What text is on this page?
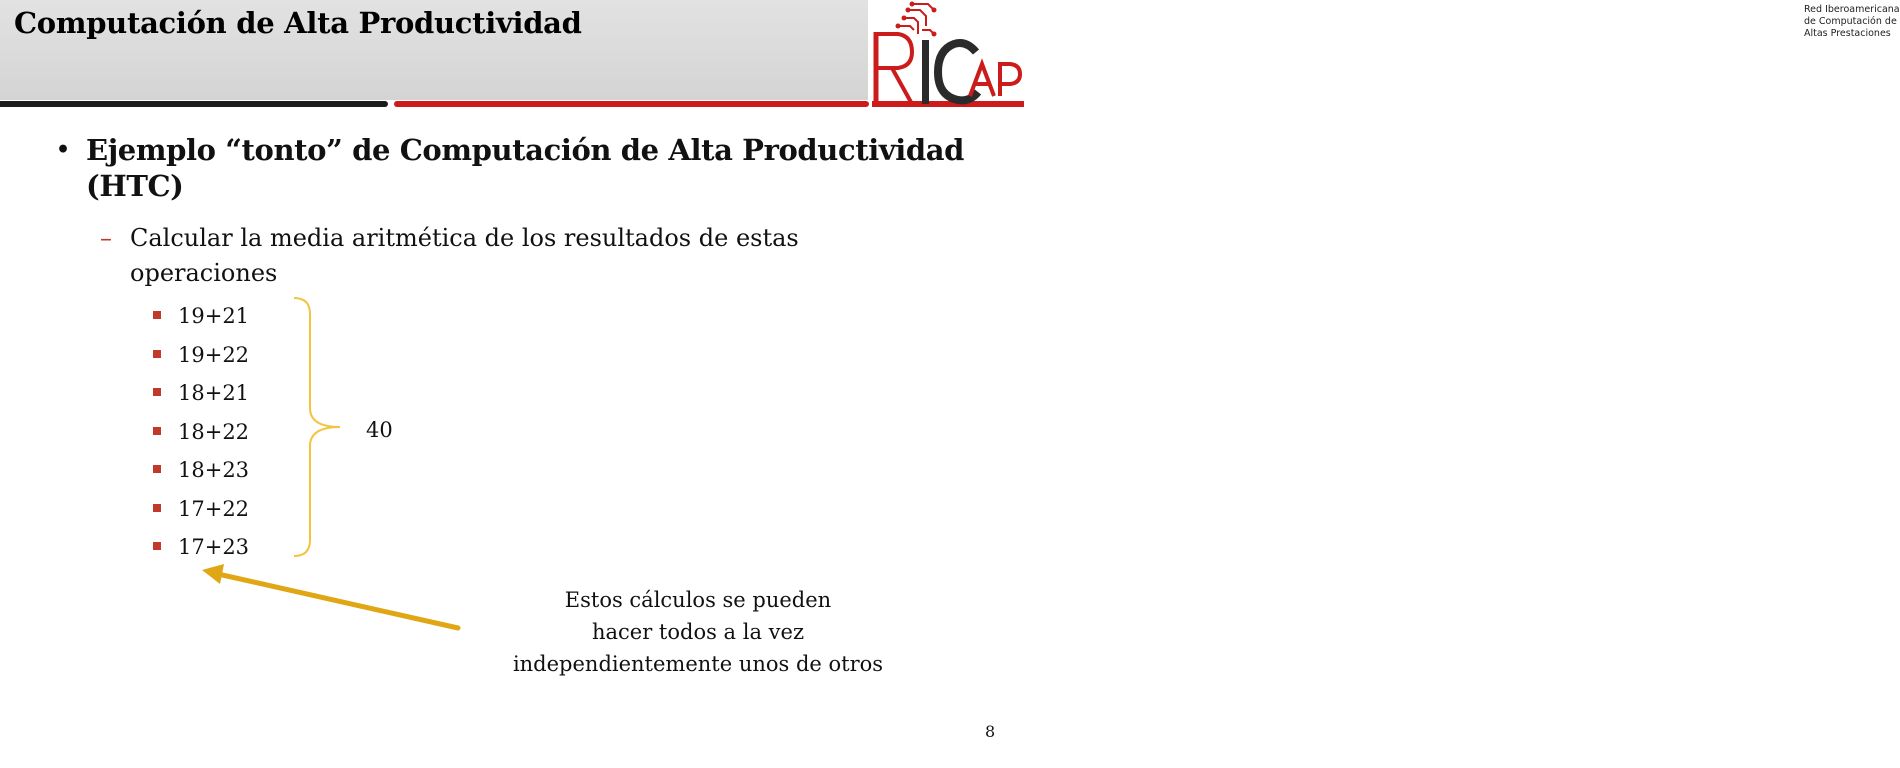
Computación de Alta Productividad	Red Iberoamericana
de Computación de
Altas Prestaciones
• Ejemplo “tonto” de Computación de Alta Productividad (HTC)
– Calcular la media aritmética de los resultados de estas operaciones
19+21
19+22
18+21
18+22
18+23
17+22
17+23
40
Estos cálculos se pueden
hacer todos a la vez
independientemente unos de otros
8
